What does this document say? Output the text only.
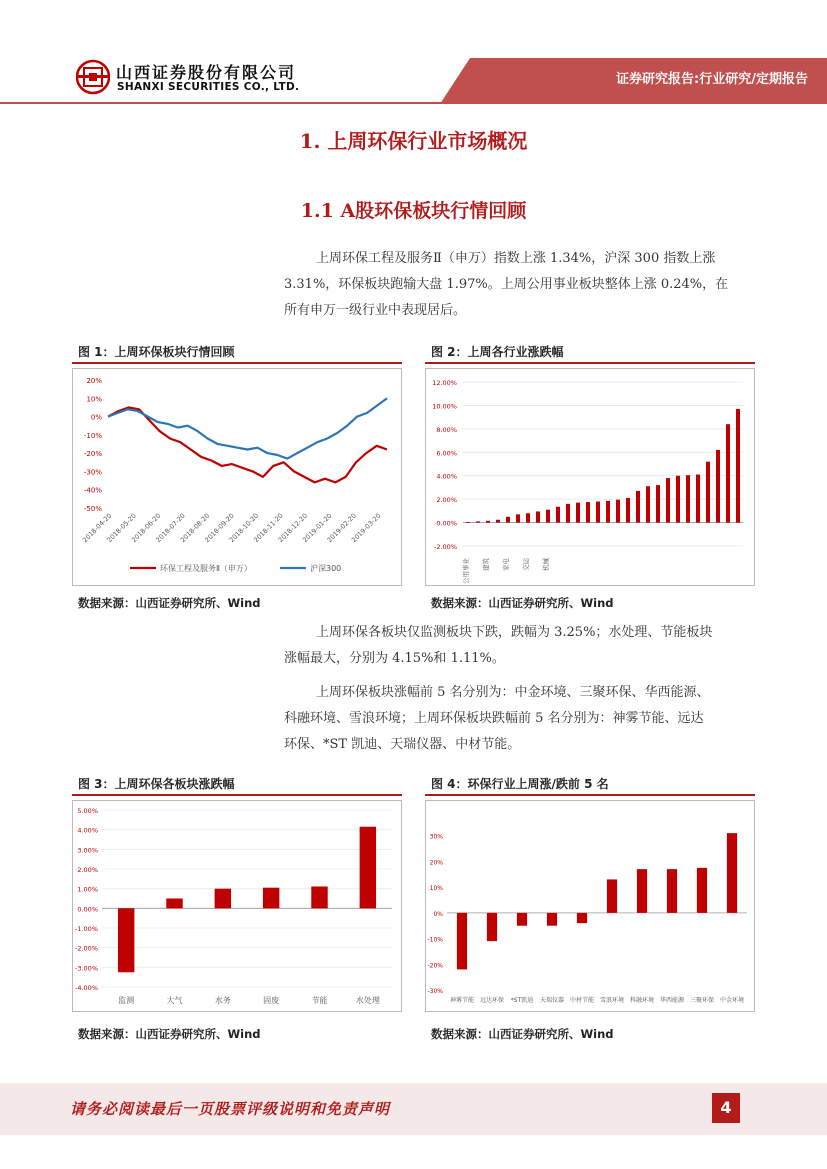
山西证券股份有限公司
SHANXI SECURITIES CO., LTD.	证券研究报告:行业研究/定期报告
1. 上周环保行业市场概况
1.1 A股环保板块行情回顾
上周环保工程及服务Ⅱ（申万）指数上涨 1.34%，沪深 300 指数上涨
3.31%，环保板块跑输大盘 1.97%。上周公用事业板块整体上涨 0.24%，在
所有申万一级行业中表现居后。
图 1：上周环保板块行情回顾
20%
10%
0%
-10%
-20%
-30%
-40%
-50%
2018-04-20
2018-05-20
2018-06-20
2018-07-20
2018-08-20
2018-09-20
2018-10-20
2018-11-20
2018-12-20
2019-01-20
2019-02-20
2019-03-20
环保工程及服务Ⅱ（申万）	沪深300
数据来源：山西证券研究所、Wind
图 2：上周各行业涨跌幅
12.00%
10.00%
8.00%
6.00%
4.00%
2.00%
0.00%
-2.00%
公用事业 建筑 家电 交运 机械
数据来源：山西证券研究所、Wind
上周环保各板块仅监测板块下跌，跌幅为 3.25%；水处理、节能板块
涨幅最大，分别为 4.15%和 1.11%。
上周环保板块涨幅前 5 名分别为：中金环境、三聚环保、华西能源、
科融环境、雪浪环境；上周环保板块跌幅前 5 名分别为：神雾节能、远达
环保、*ST 凯迪、天瑞仪器、中材节能。
图 3：上周环保各板块涨跌幅
5.00%
4.00%
3.00%
2.00%
1.00%
0.00%
-1.00%
-2.00%
-3.00%
-4.00%
监测	大气	水务	固废	节能	水处理
数据来源：山西证券研究所、Wind
图 4：环保行业上周涨/跌前 5 名
30%
20%
10%
0%
-10%
-20%
-30%
神雾节能 远达环保 *ST凯迪 天瑞仪器 中材节能 雪浪环境 科融环境 华西能源 三聚环保 中金环境
数据来源：山西证券研究所、Wind
请务必阅读最后一页股票评级说明和免责声明	4
